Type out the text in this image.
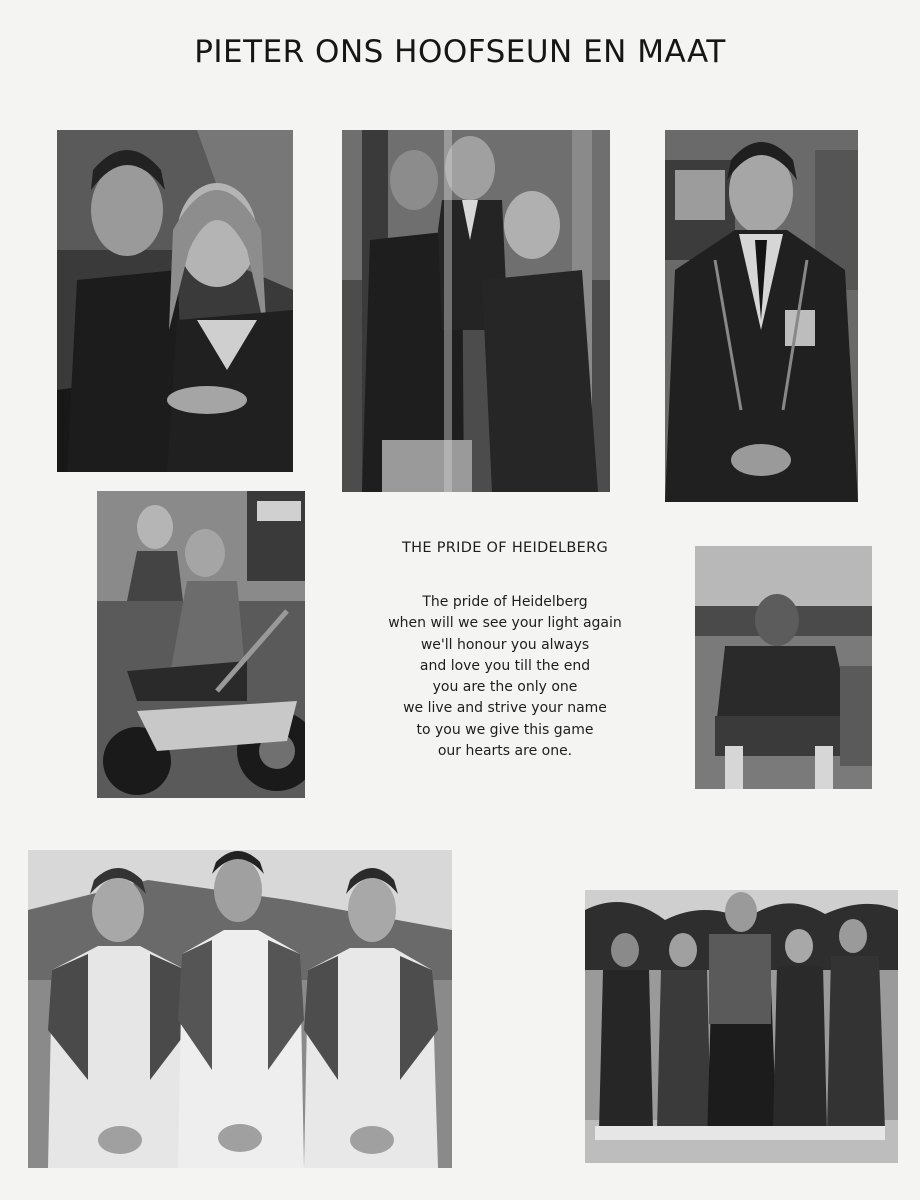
PIETER ONS HOOFSEUN EN MAAT
THE PRIDE OF HEIDELBERG
The pride of Heidelberg
when will we see your light again
we'll honour you always
and love you till the end
you are the only one
we live and strive your name
to you we give this game
our hearts are one.
